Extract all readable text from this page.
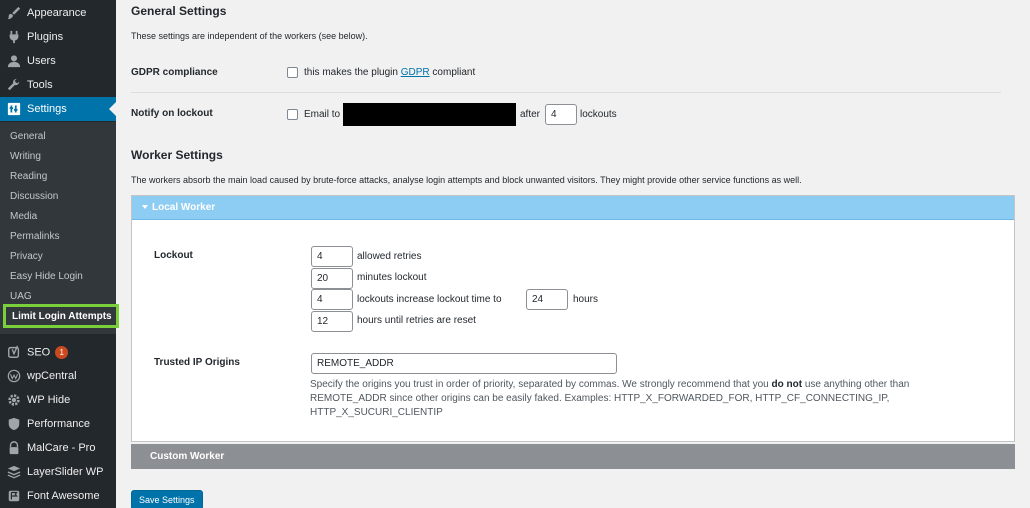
Appearance
Plugins
Users
Tools
Settings
General
Writing
Reading
Discussion
Media
Permalinks
Privacy
Easy Hide Login
UAG
Limit Login Attempts
SEO 1
wpCentral
WP Hide
Performance
MalCare - Pro
LayerSlider WP
Font Awesome
General Settings
These settings are independent of the workers (see below).
GDPR compliance	this makes the plugin GDPR compliant
Notify on lockout	Email to	after	4	lockouts
Worker Settings
The workers absorb the main load caused by brute-force attacks, analyse login attempts and block unwanted visitors. They might provide other service functions as well.
Local Worker
Lockout	4	allowed retries
20	minutes lockout
4	lockouts increase lockout time to	24	hours
12	hours until retries are reset
Trusted IP Origins	REMOTE_ADDR
Specify the origins you trust in order of priority, separated by commas. We strongly recommend that you do not use anything other than REMOTE_ADDR since other origins can be easily faked. Examples: HTTP_X_FORWARDED_FOR, HTTP_CF_CONNECTING_IP, HTTP_X_SUCURI_CLIENTIP
Custom Worker
Save Settings
